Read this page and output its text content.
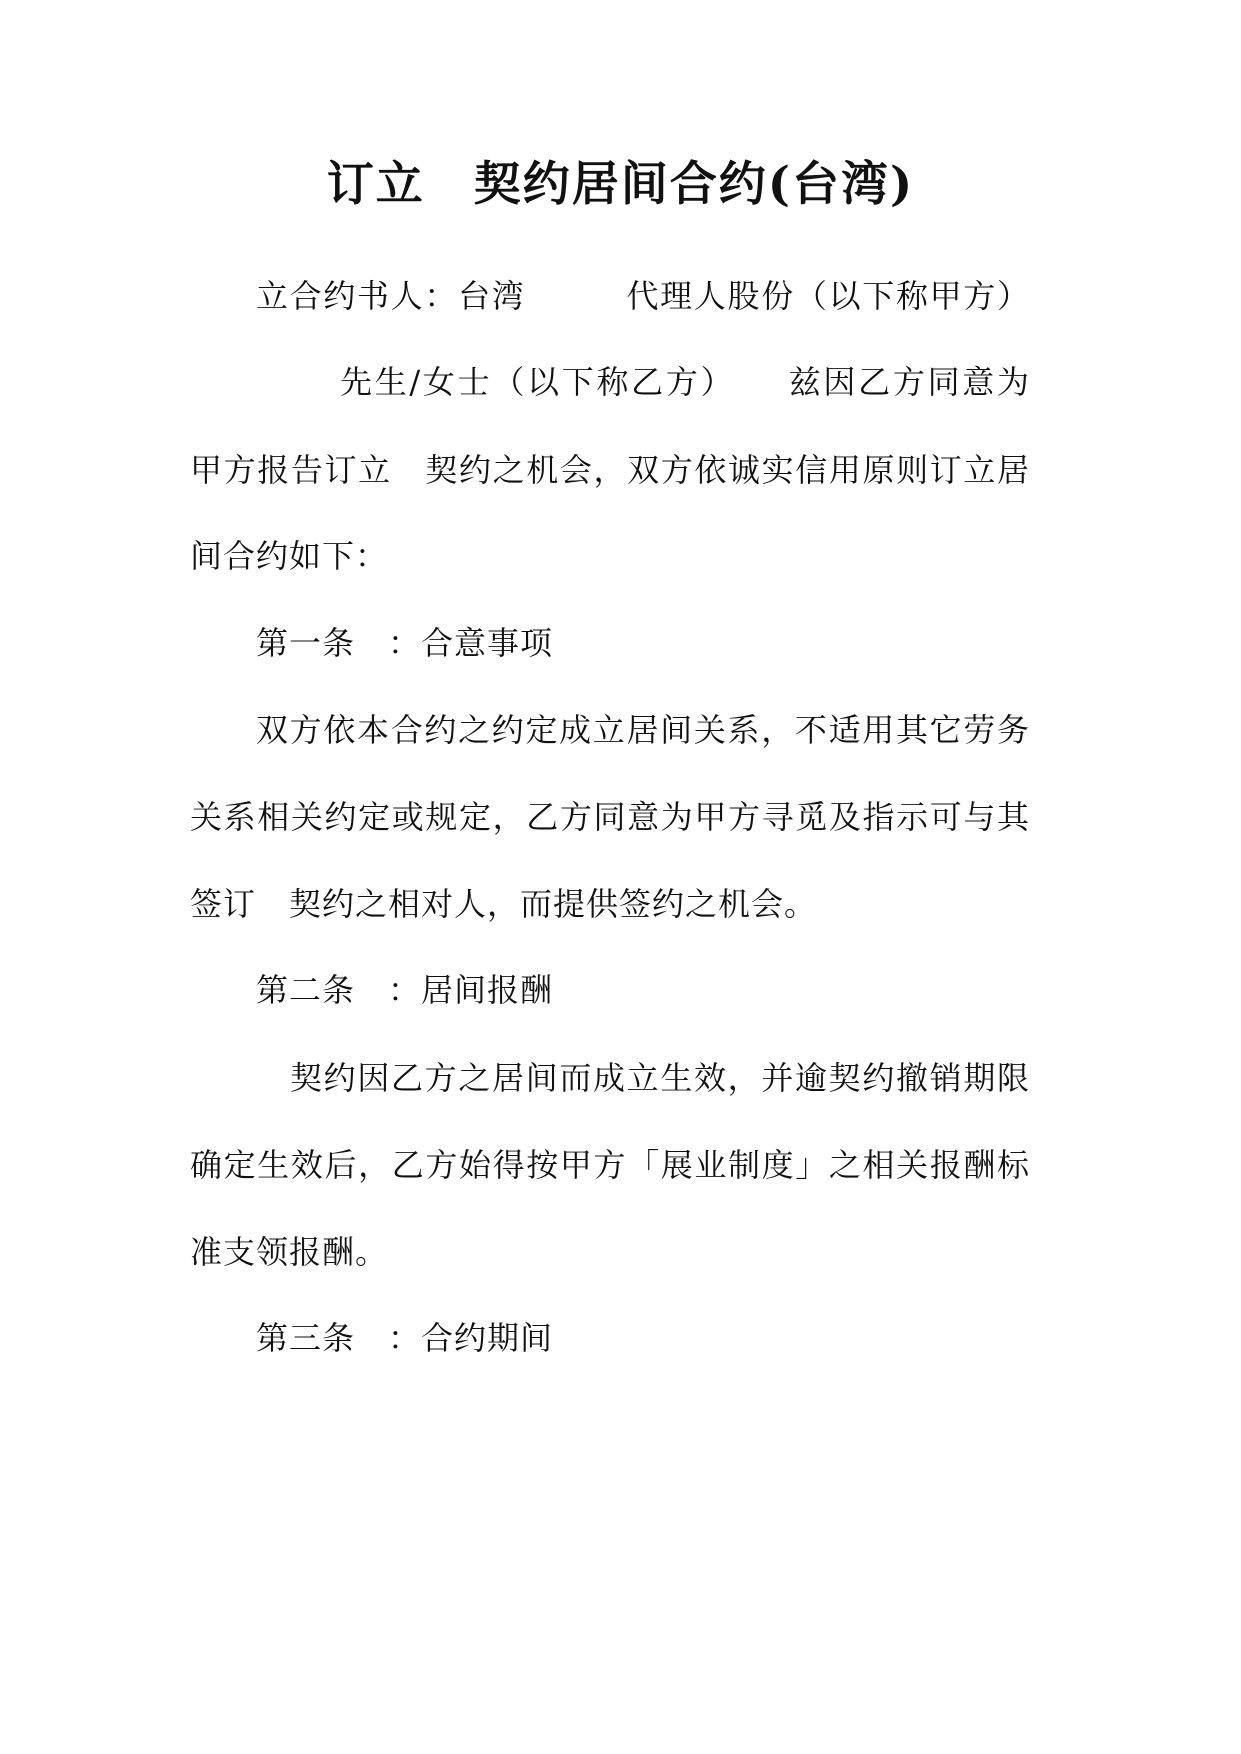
订立　契约居间合约(台湾)
立合约书人：台湾　　　代理人股份（以下称甲方）
先生/女士（以下称乙方）　　兹因乙方同意为
甲方报告订立　契约之机会，双方依诚实信用原则订立居
间合约如下：
第一条　：合意事项
双方依本合约之约定成立居间关系，不适用其它劳务
关系相关约定或规定，乙方同意为甲方寻觅及指示可与其
签订　契约之相对人，而提供签约之机会。
第二条　：居间报酬
契约因乙方之居间而成立生效，并逾契约撤销期限
确定生效后，乙方始得按甲方「展业制度」之相关报酬标
准支领报酬。
第三条　：合约期间
